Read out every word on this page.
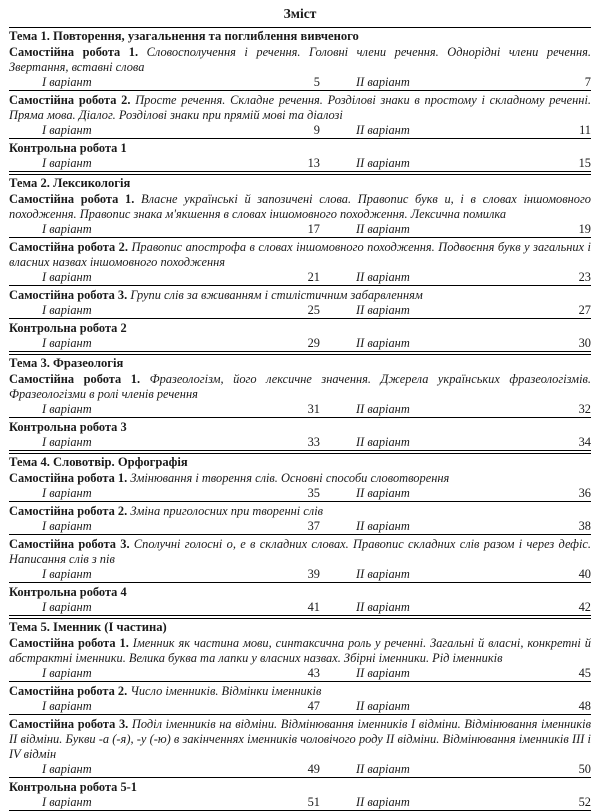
Зміст
Тема 1. Повторення, узагальнення та поглиблення вивченого
Самостійна робота 1. Словосполучення і речення. Головні члени речення. Однорідні члени речення. Звертання, вставні слова
І варіант	5	ІІ варіант	7
Самостійна робота 2. Просте речення. Складне речення. Розділові знаки в простому і складному реченні. Пряма мова. Діалог. Розділові знаки при прямій мові та діалозі
І варіант	9	ІІ варіант	11
Контрольна робота 1
І варіант	13	ІІ варіант	15
Тема 2. Лексикологія
Самостійна робота 1. Власне українські й запозичені слова. Правопис букв и, і в словах іншомовного походження. Правопис знака м'якшення в словах іншомовного походження. Лексична помилка
І варіант	17	ІІ варіант	19
Самостійна робота 2. Правопис апострофа в словах іншомовного походження. Подвоєння букв у загальних і власних назвах іншомовного походження
І варіант	21	ІІ варіант	23
Самостійна робота 3. Групи слів за вживанням і стилістичним забарвленням
І варіант	25	ІІ варіант	27
Контрольна робота 2
І варіант	29	ІІ варіант	30
Тема 3. Фразеологія
Самостійна робота 1. Фразеологізм, його лексичне значення. Джерела українських фразеологізмів. Фразеологізми в ролі членів речення
І варіант	31	ІІ варіант	32
Контрольна робота 3
І варіант	33	ІІ варіант	34
Тема 4. Словотвір. Орфографія
Самостійна робота 1. Змінювання і творення слів. Основні способи словотворення
І варіант	35	ІІ варіант	36
Самостійна робота 2. Зміна приголосних при творенні слів
І варіант	37	ІІ варіант	38
Самостійна робота 3. Сполучні голосні о, е в складних словах. Правопис складних слів разом і через дефіс. Написання слів з пів
І варіант	39	ІІ варіант	40
Контрольна робота 4
І варіант	41	ІІ варіант	42
Тема 5. Іменник (І частина)
Самостійна робота 1. Іменник як частина мови, синтаксична роль у реченні. Загальні й власні, конкретні й абстрактні іменники. Велика буква та лапки у власних назвах. Збірні іменники. Рід іменників
І варіант	43	ІІ варіант	45
Самостійна робота 2. Число іменників. Відмінки іменників
І варіант	47	ІІ варіант	48
Самостійна робота 3. Поділ іменників на відміни. Відмінювання іменників І відміни. Відмінювання іменників ІІ відміни. Букви -а (-я), -у (-ю) в закінченнях іменників чоловічого роду ІІ відміни. Відмінювання іменників ІІІ і IV відмін
І варіант	49	ІІ варіант	50
Контрольна робота 5-1
І варіант	51	ІІ варіант	52
